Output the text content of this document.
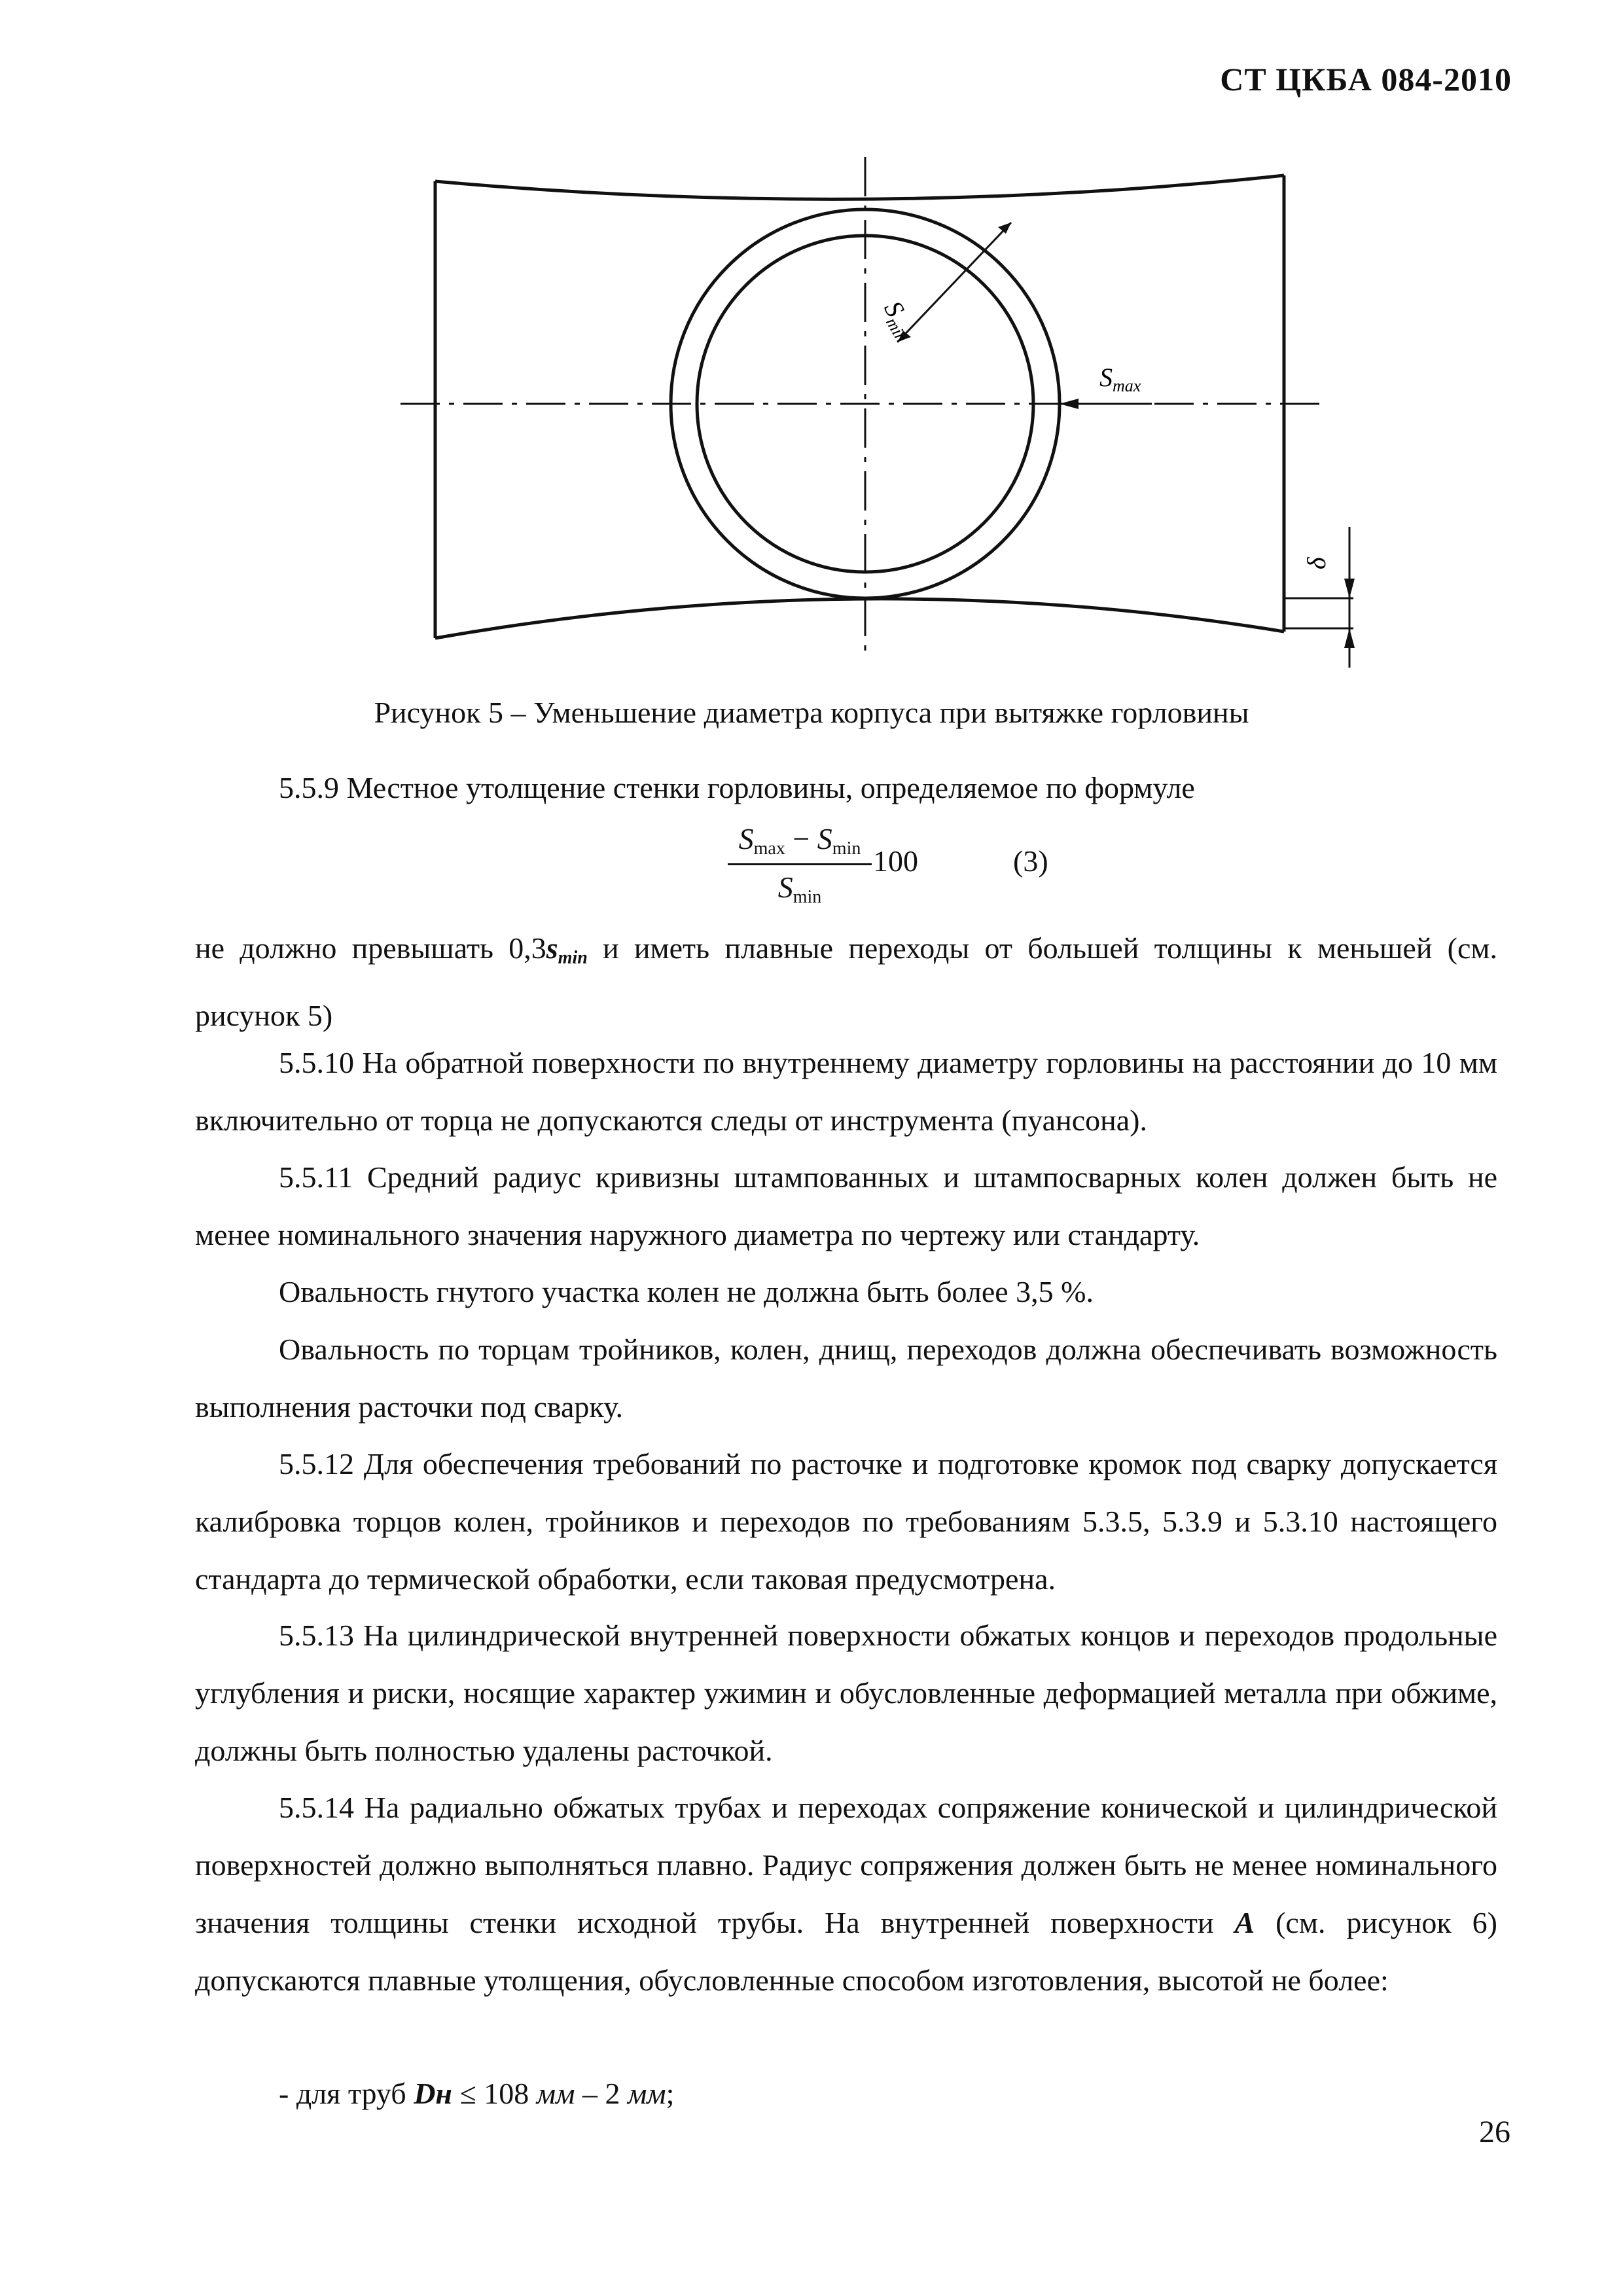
СТ ЦКБА 084-2010
$S_{min}$
$S_{max}$
δ
Рисунок 5 – Уменьшение диаметра корпуса при вытяжке горловины
5.5.9 Местное утолщение стенки горловины, определяемое по формуле
$S_{max} - S_{min}$
$S_{min}$
100	(3)
не должно превышать $0,3s_{min}$ и иметь плавные переходы от большей толщины к меньшей (см. рисунок 5)
5.5.10 На обратной поверхности по внутреннему диаметру горловины на расстоянии до 10 мм включительно от торца не допускаются следы от инструмента (пуансона).
5.5.11 Средний радиус кривизны штампованных и штампосварных колен должен быть не менее номинального значения наружного диаметра по чертежу или стандарту.
Овальность гнутого участка колен не должна быть более 3,5 %.
Овальность по торцам тройников, колен, днищ, переходов должна обеспечивать возможность выполнения расточки под сварку.
5.5.12 Для обеспечения требований по расточке и подготовке кромок под сварку допускается калибровка торцов колен, тройников и переходов по требованиям 5.3.5, 5.3.9 и 5.3.10 настоящего стандарта до термической обработки, если таковая предусмотрена.
5.5.13 На цилиндрической внутренней поверхности обжатых концов и переходов продольные углубления и риски, носящие характер ужимин и обусловленные деформацией металла при обжиме, должны быть полностью удалены расточкой.
5.5.14 На радиально обжатых трубах и переходах сопряжение конической и цилиндрической поверхностей должно выполняться плавно. Радиус сопряжения должен быть не менее номинального значения толщины стенки исходной трубы. На внутренней поверхности А (см. рисунок 6) допускаются плавные утолщения, обусловленные способом изготовления, высотой не более:
- для труб Dн ≤ 108 мм – 2 мм;
26
